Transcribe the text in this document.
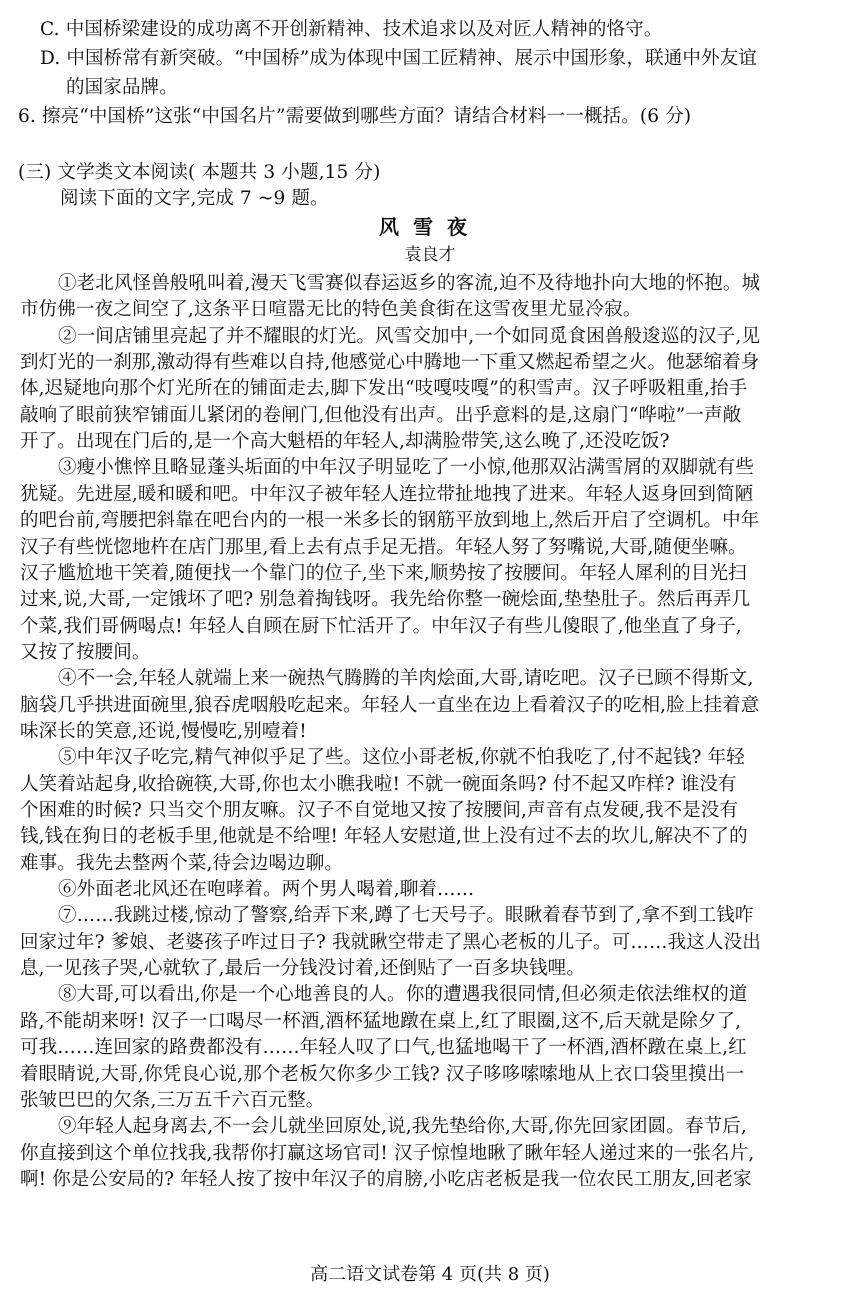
C. 中国桥梁建设的成功离不开创新精神、技术追求以及对匠人精神的恪守。
D. 中国桥常有新突破。“中国桥”成为体现中国工匠精神、展示中国形象，联通中外友谊
的国家品牌。
6. 擦亮“中国桥”这张“中国名片”需要做到哪些方面？请结合材料一一概括。(6 分)
(三) 文学类文本阅读( 本题共 3 小题,15 分)
阅读下面的文字,完成 7 ~9 题。
风雪夜
袁良才
①老北风怪兽般吼叫着,漫天飞雪赛似春运返乡的客流,迫不及待地扑向大地的怀抱。城
市仿佛一夜之间空了,这条平日喧嚣无比的特色美食街在这雪夜里尤显冷寂。
②一间店铺里亮起了并不耀眼的灯光。风雪交加中,一个如同觅食困兽般逡巡的汉子,见
到灯光的一刹那,激动得有些难以自持,他感觉心中腾地一下重又燃起希望之火。他瑟缩着身
体,迟疑地向那个灯光所在的铺面走去,脚下发出“吱嘎吱嘎”的积雪声。汉子呼吸粗重,抬手
敲响了眼前狭窄铺面儿紧闭的卷闸门,但他没有出声。出乎意料的是,这扇门“哗啦”一声敞
开了。出现在门后的,是一个高大魁梧的年轻人,却满脸带笑,这么晚了,还没吃饭?
③瘦小憔悴且略显蓬头垢面的中年汉子明显吃了一小惊,他那双沾满雪屑的双脚就有些
犹疑。先进屋,暖和暖和吧。中年汉子被年轻人连拉带扯地拽了进来。年轻人返身回到简陋
的吧台前,弯腰把斜靠在吧台内的一根一米多长的钢筋平放到地上,然后开启了空调机。中年
汉子有些恍惚地杵在店门那里,看上去有点手足无措。年轻人努了努嘴说,大哥,随便坐嘛。
汉子尴尬地干笑着,随便找一个靠门的位子,坐下来,顺势按了按腰间。年轻人犀利的目光扫
过来,说,大哥,一定饿坏了吧? 别急着掏钱呀。我先给你整一碗烩面,垫垫肚子。然后再弄几
个菜,我们哥俩喝点! 年轻人自顾在厨下忙活开了。中年汉子有些儿傻眼了,他坐直了身子,
又按了按腰间。
④不一会,年轻人就端上来一碗热气腾腾的羊肉烩面,大哥,请吃吧。汉子已顾不得斯文,
脑袋几乎拱进面碗里,狼吞虎咽般吃起来。年轻人一直坐在边上看着汉子的吃相,脸上挂着意
味深长的笑意,还说,慢慢吃,别噎着!
⑤中年汉子吃完,精气神似乎足了些。这位小哥老板,你就不怕我吃了,付不起钱? 年轻
人笑着站起身,收拾碗筷,大哥,你也太小瞧我啦! 不就一碗面条吗? 付不起又咋样? 谁没有
个困难的时候? 只当交个朋友嘛。汉子不自觉地又按了按腰间,声音有点发硬,我不是没有
钱,钱在狗日的老板手里,他就是不给哩! 年轻人安慰道,世上没有过不去的坎儿,解决不了的
难事。我先去整两个菜,待会边喝边聊。
⑥外面老北风还在咆哮着。两个男人喝着,聊着……
⑦……我跳过楼,惊动了警察,给弄下来,蹲了七天号子。眼瞅着春节到了,拿不到工钱咋
回家过年? 爹娘、老婆孩子咋过日子? 我就瞅空带走了黑心老板的儿子。可……我这人没出
息,一见孩子哭,心就软了,最后一分钱没讨着,还倒贴了一百多块钱哩。
⑧大哥,可以看出,你是一个心地善良的人。你的遭遇我很同情,但必须走依法维权的道
路,不能胡来呀! 汉子一口喝尽一杯酒,酒杯猛地蹾在桌上,红了眼圈,这不,后天就是除夕了,
可我……连回家的路费都没有……年轻人叹了口气,也猛地喝干了一杯酒,酒杯蹾在桌上,红
着眼睛说,大哥,你凭良心说,那个老板欠你多少工钱? 汉子哆哆嗦嗦地从上衣口袋里摸出一
张皱巴巴的欠条,三万五千六百元整。
⑨年轻人起身离去,不一会儿就坐回原处,说,我先垫给你,大哥,你先回家团圆。春节后,
你直接到这个单位找我,我帮你打赢这场官司! 汉子惊惶地瞅了瞅年轻人递过来的一张名片,
啊! 你是公安局的? 年轻人按了按中年汉子的肩膀,小吃店老板是我一位农民工朋友,回老家
高二语文试卷第 4 页(共 8 页)
